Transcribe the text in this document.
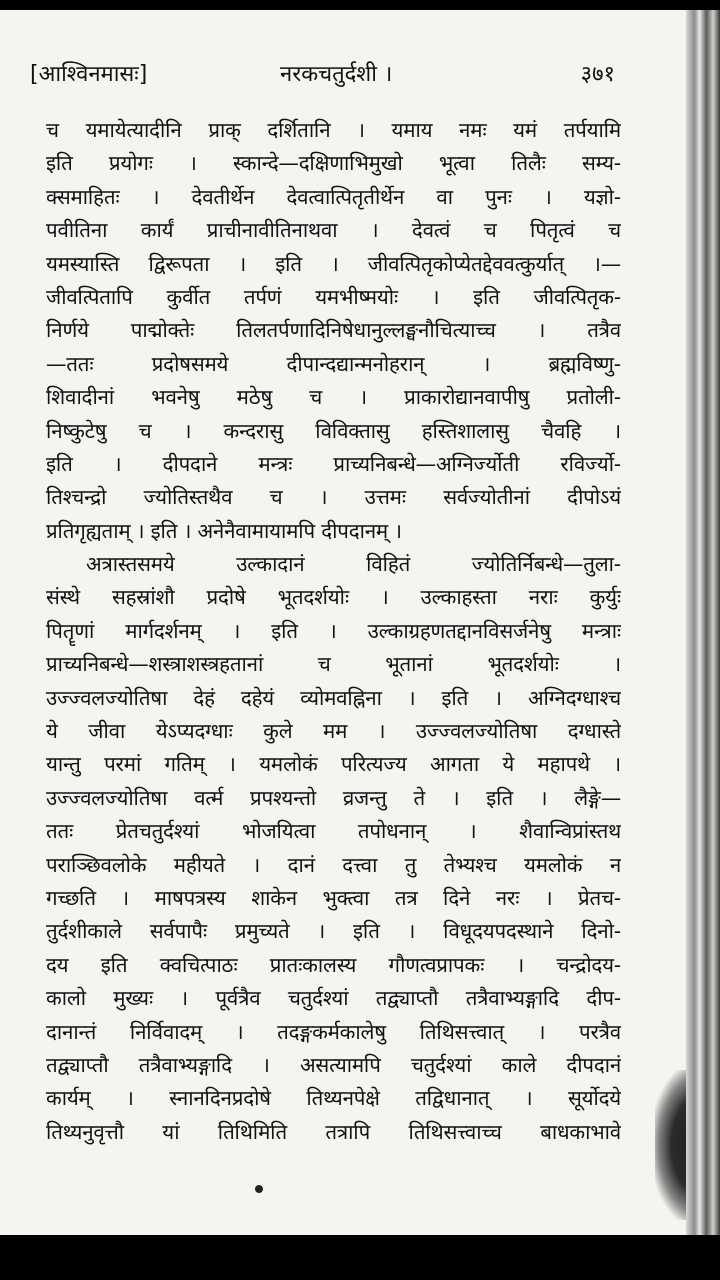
[आश्विनमासः]	नरकचतुर्दशी ।	३७१
च यमायेत्यादीनि प्राक् दर्शितानि । यमाय नमः यमं तर्पयामि
इति प्रयोगः । स्कान्दे—दक्षिणाभिमुखो भूत्वा तिलैः सम्य-
क्समाहितः । देवतीर्थेन देवत्वात्पितृतीर्थेन वा पुनः । यज्ञो-
पवीतिना कार्यं प्राचीनावीतिनाथवा । देवत्वं च पितृत्वं च
यमस्यास्ति द्विरूपता । इति । जीवत्पितृकोप्येतद्देववत्कुर्यात् ।—
जीवत्पितापि कुर्वीत तर्पणं यमभीष्मयोः । इति जीवत्पितृक-
निर्णये पाद्मोक्तेः तिलतर्पणादिनिषेधानुल्लङ्घनौचित्याच्च । तत्रैव
—ततः प्रदोषसमये दीपान्दद्यान्मनोहरान् । ब्रह्मविष्णु-
शिवादीनां भवनेषु मठेषु च । प्राकारोद्यानवापीषु प्रतोली-
निष्कुटेषु च । कन्दरासु विविक्तासु हस्तिशालासु चैवहि ।
इति । दीपदाने मन्त्रः प्राच्यनिबन्धे—अग्निर्ज्योती रविर्ज्यो-
तिश्चन्द्रो ज्योतिस्तथैव च । उत्तमः सर्वज्योतीनां दीपोऽयं
प्रतिगृह्यताम् । इति । अनेनैवामायामपि दीपदानम् ।
अत्रास्तसमये उल्कादानं विहितं ज्योतिर्निबन्धे—तुला-
संस्थे सहस्रांशौ प्रदोषे भूतदर्शयोः । उल्काहस्ता नराः कुर्युः
पितॄणां मार्गदर्शनम् । इति । उल्काग्रहणतद्दानविसर्जनेषु मन्त्राः
प्राच्यनिबन्धे—शस्त्राशस्त्रहतानां च भूतानां भूतदर्शयोः ।
उज्ज्वलज्योतिषा देहं दहेयं व्योमवह्निना । इति । अग्निदग्धाश्च
ये जीवा येऽप्यदग्धाः कुले मम । उज्ज्वलज्योतिषा दग्धास्ते
यान्तु परमां गतिम् । यमलोकं परित्यज्य आगता ये महापथे ।
उज्ज्वलज्योतिषा वर्त्म प्रपश्यन्तो व्रजन्तु ते । इति । लैङ्गे—
ततः प्रेतचतुर्दश्यां भोजयित्वा तपोधनान् । शैवान्विप्रांस्तथ
पराञ्छिवलोके महीयते । दानं दत्त्वा तु तेभ्यश्च यमलोकं न
गच्छति । माषपत्रस्य शाकेन भुक्त्वा तत्र दिने नरः । प्रेतच-
तुर्दशीकाले सर्वपापैः प्रमुच्यते । इति । विधूदयपदस्थाने दिनो-
दय इति क्वचित्पाठः प्रातःकालस्य गौणत्वप्रापकः । चन्द्रोदय-
कालो मुख्यः । पूर्वत्रैव चतुर्दश्यां तद्व्याप्तौ तत्रैवाभ्यङ्गादि दीप-
दानान्तं निर्विवादम् । तदङ्गकर्मकालेषु तिथिसत्त्वात् । परत्रैव
तद्व्याप्तौ तत्रैवाभ्यङ्गादि । असत्यामपि चतुर्दश्यां काले दीपदानं
कार्यम् । स्नानदिनप्रदोषे तिथ्यनपेक्षे तद्विधानात् । सूर्योदये
तिथ्यनुवृत्तौ यां तिथिमिति तत्रापि तिथिसत्त्वाच्च बाधकाभावे
